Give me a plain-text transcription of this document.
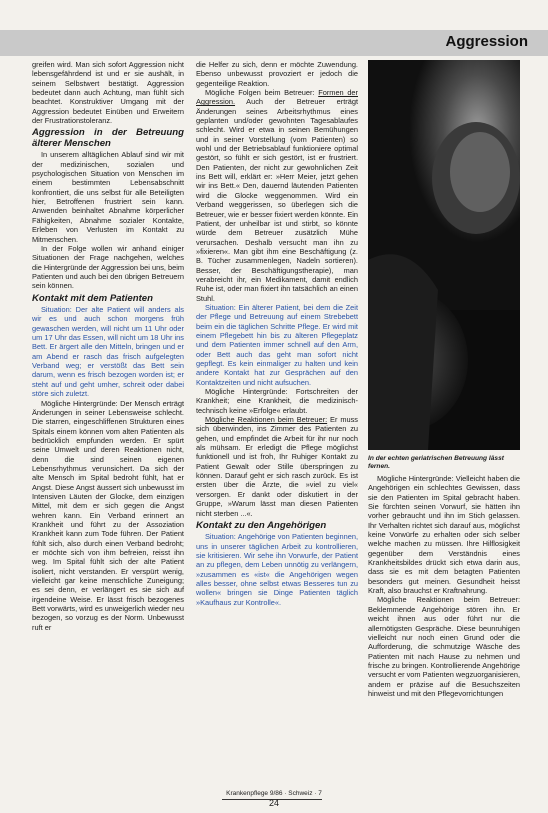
Aggression

greifen wird. Man sich sofort Aggression nicht lebensgefährdend ist und er sie aushält, in seinem Selbstwert bestätigt. Aggression bedeutet dann auch Achtung, man fühlt sich beachtet. Konstruktiver Umgang mit der Aggression bedeutet Einüben und Erweitern der Frustrationstoleranz.

Aggression in der Betreuung älterer Menschen

In unserem alltäglichen Ablauf sind wir mit der medizinischen, sozialen und psychologischen Situation von Menschen im einem bestimmten Lebensabschnitt konfrontiert, die uns selbst für alle Beteiligten hier, Betroffenen frustriert sein kann. Anwenden beinhaltet Abnahme körperlicher Fähigkeiten, Abnahme sozialer Kontakte, Erleben von Verlusten im Kontakt zu Mitmenschen.

In der Folge wollen wir anhand einiger Situationen der Frage nachgehen, welches die Hintergründe der Aggression bei uns, beim Patienten und auch bei den übrigen Betreuern sein können.

Kontakt mit dem Patienten

Situation: Der alte Patient will anders als wir es und auch schon morgens früh gewaschen werden, will nicht um 11 Uhr oder um 17 Uhr das Essen, will nicht um 18 Uhr ins Bett. Er ärgert alle den Mitteln, bringen und er am Abend er rasch das frisch aufgelegten Verband weg; er verstößt das Bett sein darum, wenn es frisch bezogen worden ist; er steht auf und geht umher, schreit oder dabei störe sich zuletzt.

Mögliche Hintergründe: Der Mensch erträgt Änderungen in seiner Lebensweise schlecht. Die starren, eingeschliffenen Strukturen eines Spitals einem können vom alten Patienten als bedrücklich empfunden werden. Er spürt seine Umwelt und deren Reaktionen nicht, denn die sind seinen eigenen Lebensrhythmus verunsichert. Da sich der alte Mensch im Spital bedroht fühlt, hat er Angst. Diese Angst äussert sich unbewusst im Intensiven Läuten der Glocke, dem einzigen Mittel, mit dem er sich gegen die Angst wehren kann. Ein Verband erinnert an Krankheit und führt zu der Assoziation Krankheit kann zum Tode führen. Der Patient fühlt sich, also durch einen Verband bedroht; er möchte sich von ihm befreien, reisst ihn weg. Im Spital fühlt sich der alte Patient isoliert, nicht verstanden. Er verspürt wenig, vielleicht gar keine menschliche Zuneigung; es sei denn, er verlängert es sie sich auf irgendeine Weise. Er lässt frisch bezogenes Bett vorwärts, wird es unweigerlich wieder neu bezogen, so vorzug es der Norm. Unbewusst ruft er

die Helfer zu sich, denn er möchte Zuwendung. Ebenso unbewusst provoziert er jedoch die gegenteilige Reaktion.

Mögliche Folgen beim Betreuer: Formen der Aggression. Auch der Betreuer erträgt Änderungen seines Arbeitsrhythmus eines geplanten und/oder gewohnten Tagesablaufes schlecht. Wird er etwa in seinen Bemühungen und in seiner Vorstellung (vom Patienten) so wohl und der Betriebsablauf funktioniere optimal gestört, so fühlt er sich gestört, ist er frustriert. Den Patienten, der nicht zur gewohnlichen Zeit ins Bett will, erklärt er: »Herr Meier, jetzt gehen wir ins Bett.« Den, dauernd läutenden Patienten wird die Glocke weggenommen. Wird ein Verband weggerissen, so überlegen sich die Betreuer, wie er besser fixiert werden könnte. Ein Patient, der unheilbar ist und stirbt, so könnte würde dem Betreuer zusätzlich Mühe verursachen. Deshalb versucht man ihn zu »fixieren«. Man gibt ihm eine Beschäftigung (z. B. Tücher zusammenlegen, Nadeln sortieren). Besser, der Beschäftigungstherapie), man verabreicht ihr, ein Medikament, damit endlich Ruhe ist, oder man fixiert ihn tatsächlich an einen Stuhl.

Situation: Ein älterer Patient, bei dem die Zeit der Pflege und Betreuung auf einem Strebebett beim ein die täglichen Schritte Pflege. Er wird mit einem Pflegebett hin bis zu älteren Pflegeplatz und dem Patienten immer schnell auf den Arm, oder Bett auch das geht man sofort nicht gepflegt. Es kein einmaliger zu halten und kein andere Kontakt hat zur Gesprächen auf den Kontaktzeiten und nicht aufsuchen.

Mögliche Hintergründe: Fortschreiten der Krankheit; eine Krankheit, die medizinisch-technisch keine »Erfolge« erlaubt.

Mögliche Reaktionen beim Betreuer: Er muss sich überwinden, ins Zimmer des Patienten zu gehen, und empfindet die Arbeit für ihr nur noch als mühsam. Er erledigt die Pflege möglichst funktionell und ist froh, Ihr Ruhiger Kontakt zu Patient Gewalt oder Stille überspringen zu können. Darauf geht er sich rasch zurück. Es ist ersten über die Ärzte, die »viel zu viel« versorgen. Er dankt oder diskutiert in der Gruppe, »Warum lässt man diesen Patienten nicht sterben ...«.

Kontakt zu den Angehörigen

Situation: Angehörige von Patienten beginnen, uns in unserer täglichen Arbeit zu kontrollieren, sie kritisieren. Wir sehe ihn Vorwurfe, der Patient an zu pflegen, dem Leben unnötig zu verlängern, »zusammen es «ist« die Angehörigen wegen alles besser, ohne selbst etwas Besseres tun zu wollen« bringen sie Dinge Patienten täglich »Kaufhaus zur Kontrolle«.

In der echten geriatrischen Betreuung lässt fernen.

Mögliche Hintergründe: Vielleicht haben die Angehörigen ein schlechtes Gewissen, dass sie den Patienten im Spital gebracht haben. Sie fürchten seinen Vorwurf, sie hätten ihn vorher gebraucht und ihn im Stich gelassen. Ihr Verhalten richtet sich darauf aus, möglichst keine Vorwürfe zu erhalten oder sich selber welche machen zu müssen. Ihre Hilflosigkeit gegenüber dem Verständnis eines Krankheitsbildes drückt sich etwa darin aus, dass sie es mit dem betagten Patienten besonders gut meinen. Gesundheit heisst Kraft, also brauchst er Kraftnahrung.

Mögliche Reaktionen beim Betreuer: Beklemmende Angehörige stören ihn. Er weicht ihnen aus oder führt nur die allernötigsten Gespräche. Diese beunruhigen vielleicht nur noch einen Grund oder die Aufforderung, die schmutzige Wäsche des Patienten mit nach Hause zu nehmen und frische zu bringen. Kontrollierende Angehörige versucht er vom Patienten wegzuorganisieren, andem er präzise auf die Besuchszeiten hinweist und mit den Pflegevorrichtungen

Krankenpflege 9/86 · Schweiz · 7
24
